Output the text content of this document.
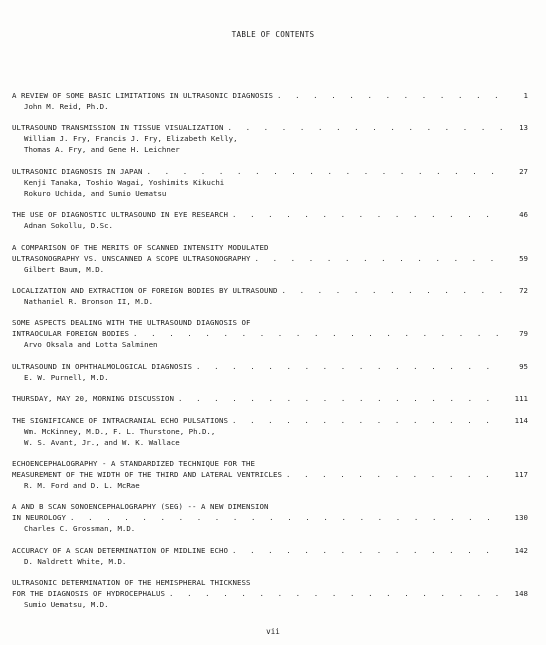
TABLE OF CONTENTS
A REVIEW OF SOME BASIC LIMITATIONS IN ULTRASONIC DIAGNOSIS . . .	1
John M. Reid, Ph.D.
ULTRASOUND TRANSMISSION IN TISSUE VISUALIZATION . . .	13
William J. Fry, Francis J. Fry, Elizabeth Kelly,
Thomas A. Fry, and Gene H. Leichner
ULTRASONIC DIAGNOSIS IN JAPAN . . .	27
Kenji Tanaka, Toshio Wagai, Yoshimits Kikuchi
Rokuro Uchida, and Sumio Uematsu
THE USE OF DIAGNOSTIC ULTRASOUND IN EYE RESEARCH . . .	46
Adnan Sokollu, D.Sc.
A COMPARISON OF THE MERITS OF SCANNED INTENSITY MODULATED
ULTRASONOGRAPHY VS. UNSCANNED A SCOPE ULTRASONOGRAPHY . . .	59
Gilbert Baum, M.D.
LOCALIZATION AND EXTRACTION OF FOREIGN BODIES BY ULTRASOUND . . .	72
Nathaniel R. Bronson II, M.D.
SOME ASPECTS DEALING WITH THE ULTRASOUND DIAGNOSIS OF
INTRAOCULAR FOREIGN BODIES . . .	79
Arvo Oksala and Lotta Salminen
ULTRASOUND IN OPHTHALMOLOGICAL DIAGNOSIS . . .	95
E. W. Purnell, M.D.
THURSDAY, MAY 20, MORNING DISCUSSION . . .	111
THE SIGNIFICANCE OF INTRACRANIAL ECHO PULSATIONS . . .	114
Wm. McKinney, M.D., F. L. Thurstone, Ph.D.,
W. S. Avant, Jr., and W. K. Wallace
ECHOENCEPHALOGRAPHY - A STANDARDIZED TECHNIQUE FOR THE
MEASUREMENT OF THE WIDTH OF THE THIRD AND LATERAL VENTRICLES . . .	117
R. M. Ford and D. L. McRae
A AND B SCAN SONOENCEPHALOGRAPHY (SEG) -- A NEW DIMENSION
IN NEUROLOGY . . .	130
Charles C. Grossman, M.D.
ACCURACY OF A SCAN DETERMINATION OF MIDLINE ECHO . . .	142
D. Naldrett White, M.D.
ULTRASONIC DETERMINATION OF THE HEMISPHERAL THICKNESS
FOR THE DIAGNOSIS OF HYDROCEPHALUS . . .	148
Sumio Uematsu, M.D.
vii
